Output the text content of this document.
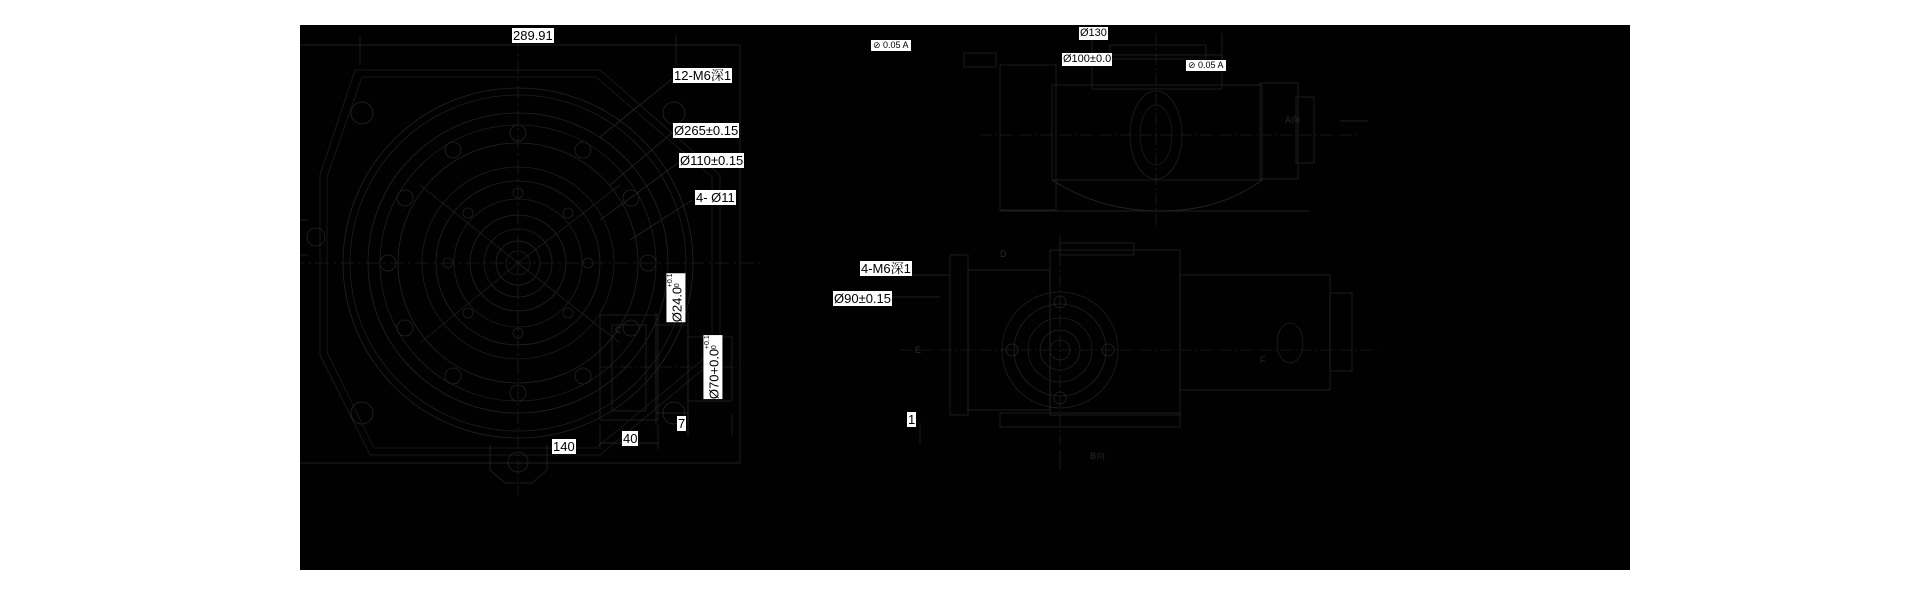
289.91
12-M6深1
Ø265±0.15
Ø110±0.15
4- Ø11
140
40
7
Ø24.0
+0.1 0
Ø70+0.0
+0.1 0
4-M6深1
Ø90±0.15
1
Ø130
Ø100±0.0
⊘ 0.05 A
⊘ 0.05 A
A向
B向
C
D
E
F
